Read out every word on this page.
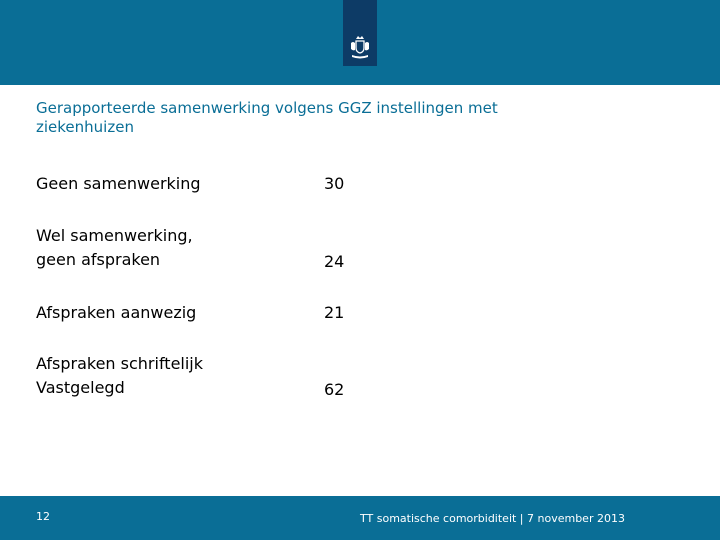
Gerapporteerde samenwerking volgens GGZ instellingen met ziekenhuizen
Geen samenwerking	30
Wel samenwerking,
geen afspraken	24
Afspraken aanwezig	21
Afspraken schriftelijk
Vastgelegd	62
12	TT somatische comorbiditeit | 7 november 2013
